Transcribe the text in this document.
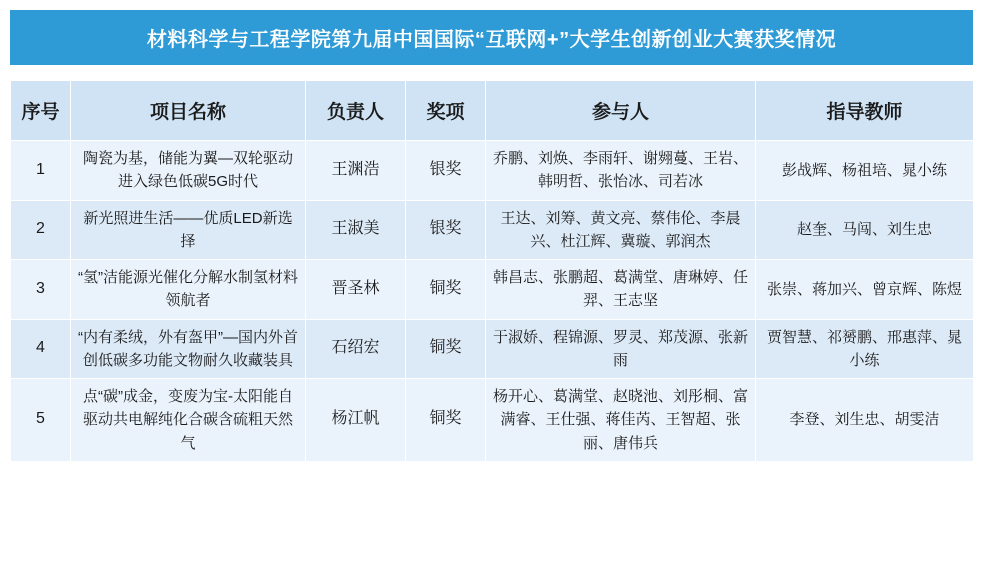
材料科学与工程学院第九届中国国际“互联网+”大学生创新创业大赛获奖情况
序号	项目名称	负责人	奖项	参与人	指导教师
1	陶瓷为基，储能为翼—双轮驱动进入绿色低碳5G时代	王渊浩	银奖	乔鹏、刘焕、李雨轩、谢翙蔓、王岩、韩明哲、张怡冰、司若冰	彭战辉、杨祖培、晁小练
2	新光照进生活——优质LED新选择	王淑美	银奖	王达、刘筹、黄文亮、蔡伟伦、李晨兴、杜江辉、冀璇、郭润杰	赵奎、马闯、刘生忠
3	“氢”洁能源光催化分解水制氢材料领航者	晋圣林	铜奖	韩昌志、张鹏超、葛满堂、唐琳婷、任羿、王志坚	张崇、蒋加兴、曾京辉、陈煜
4	“内有柔绒，外有盔甲”—国内外首创低碳多功能文物耐久收藏装具	石绍宏	铜奖	于淑娇、程锦源、罗灵、郑茂源、张新雨	贾智慧、祁赟鹏、邢惠萍、晁小练
5	点“碳”成金，变废为宝-太阳能自驱动共电解纯化合碳含硫粗天然气	杨江帆	铜奖	杨开心、葛满堂、赵晓池、刘彤桐、富满睿、王仕强、蒋佳芮、王智超、张丽、唐伟兵	李登、刘生忠、胡雯洁
